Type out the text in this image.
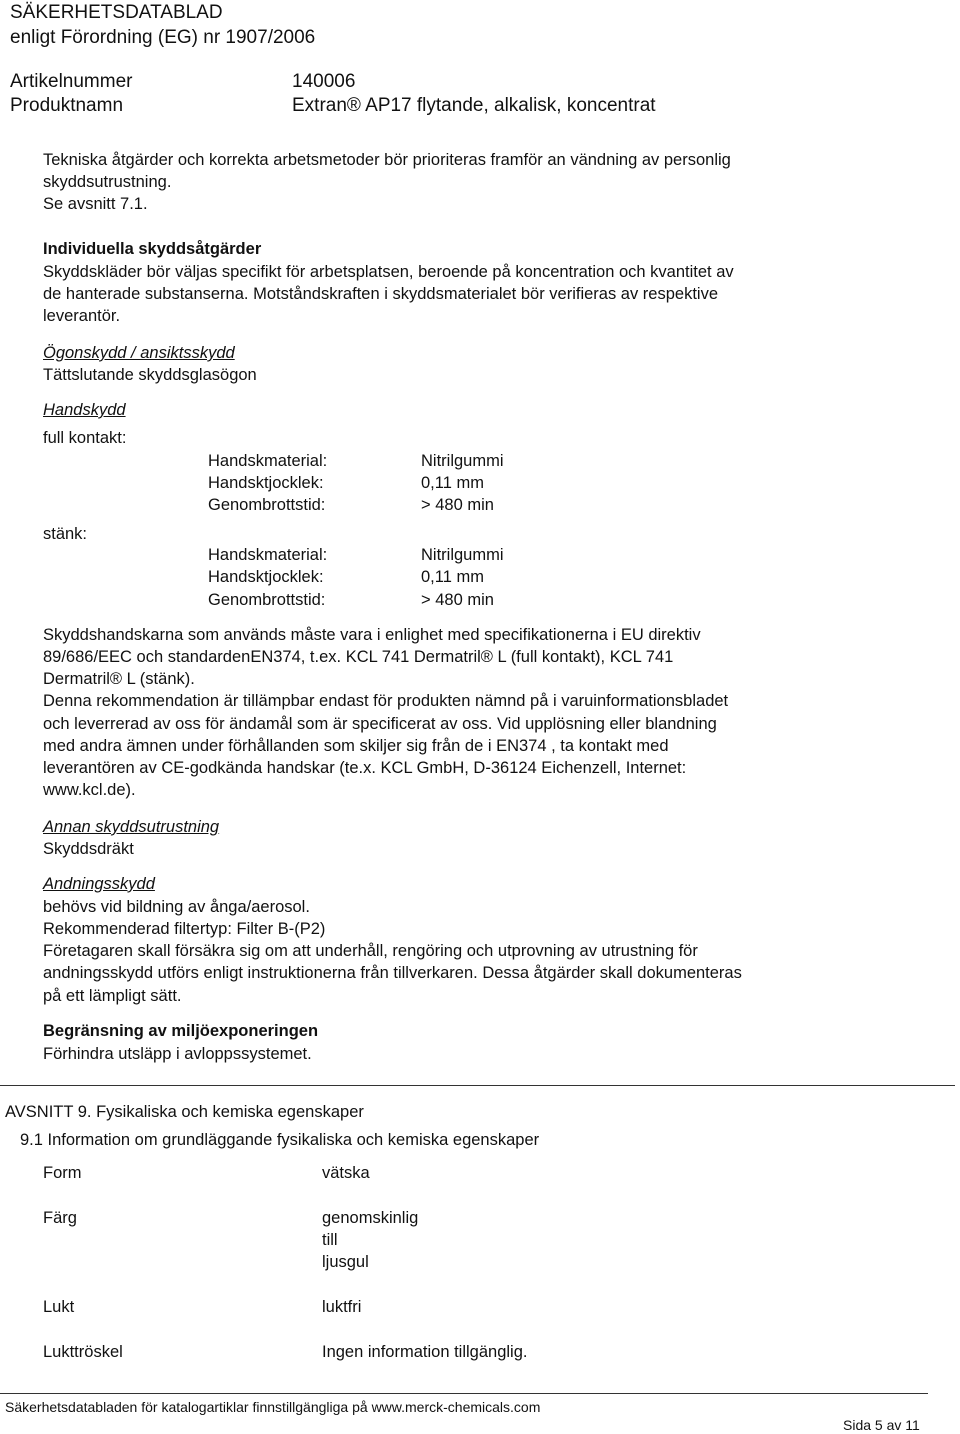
SÄKERHETSDATABLAD
enligt Förordning (EG) nr 1907/2006
Artikelnummer	140006
Produktnamn	Extran® AP17 flytande, alkalisk, koncentrat
Tekniska åtgärder och korrekta arbetsmetoder bör prioriteras framför an vändning av personlig
skyddsutrustning.
Se avsnitt 7.1.
Individuella skyddsåtgärder
Skyddskläder bör väljas specifikt för arbetsplatsen, beroende på koncentration och kvantitet av
de hanterade substanserna. Motståndskraften i skyddsmaterialet bör verifieras av respektive
leverantör.
Ögonskydd / ansiktsskydd
Tättslutande skyddsglasögon
Handskydd
full kontakt:
Handskmaterial:	Nitrilgummi
Handsktjocklek:	0,11 mm
Genombrottstid:	> 480 min
stänk:
Handskmaterial:	Nitrilgummi
Handsktjocklek:	0,11 mm
Genombrottstid:	> 480 min
Skyddshandskarna som används måste vara i enlighet med specifikationerna i EU direktiv
89/686/EEC och standardenEN374, t.ex. KCL 741 Dermatril® L (full kontakt), KCL 741
Dermatril® L (stänk).
Denna rekommendation är tillämpbar endast för produkten nämnd på i varuinformationsbladet
och leverrerad av oss för ändamål som är specificerat av oss. Vid upplösning eller blandning
med andra ämnen under förhållanden som skiljer sig från de i EN374 , ta kontakt med
leverantören av CE-godkända handskar (te.x. KCL GmbH, D-36124 Eichenzell, Internet:
www.kcl.de).
Annan skyddsutrustning
Skyddsdräkt
Andningsskydd
behövs vid bildning av ånga/aerosol.
Rekommenderad filtertyp: Filter B-(P2)
Företagaren skall försäkra sig om att underhåll, rengöring och utprovning av utrustning för
andningsskydd utförs enligt instruktionerna från tillverkaren. Dessa åtgärder skall dokumenteras
på ett lämpligt sätt.
Begränsning av miljöexponeringen
Förhindra utsläpp i avloppssystemet.
AVSNITT 9. Fysikaliska och kemiska egenskaper
9.1 Information om grundläggande fysikaliska och kemiska egenskaper
Form	vätska
Färg	genomskinlig
till
ljusgul
Lukt	luktfri
Lukttröskel	Ingen information tillgänglig.
Säkerhetsdatabladen för katalogartiklar finnstillgängliga på www.merck-chemicals.com
Sida 5 av 11
